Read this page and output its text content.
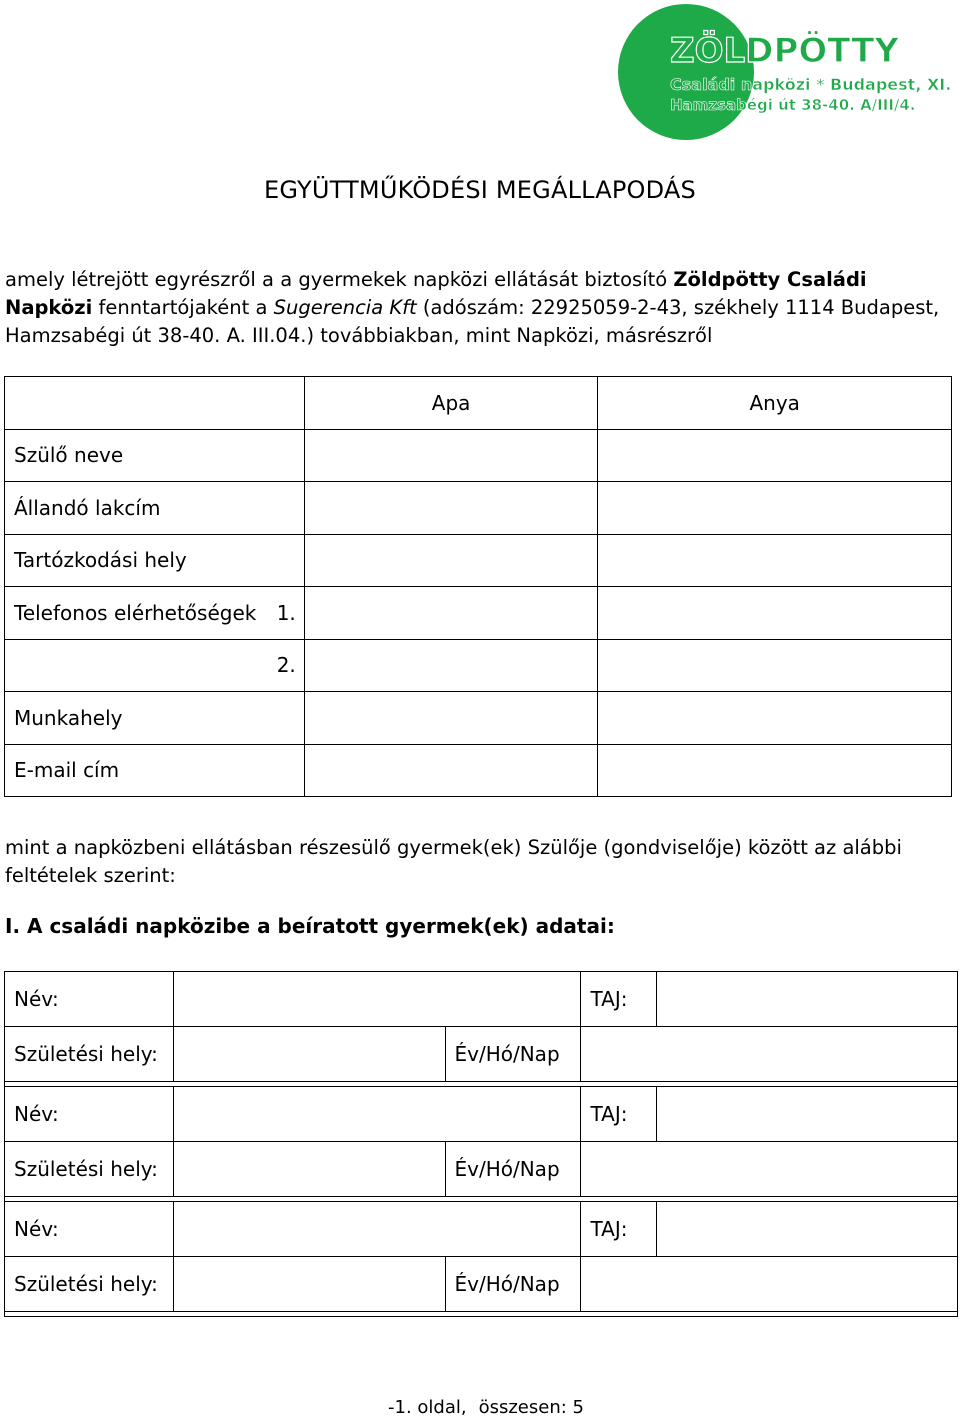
ZÖLDPÖTTY
Családi napközi * Budapest, XI.
Hamzsabégi út 38-40. A/III/4.
EGYÜTTMŰKÖDÉSI MEGÁLLAPODÁS
amely létrejött egyrészről a a gyermekek napközi ellátását biztosító Zöldpötty Családi Napközi fenntartójaként a Sugerencia Kft (adószám: 22925059-2-43, székhely 1114 Budapest, Hamzsabégi út 38-40. A. III.04.) továbbiakban, mint Napközi, másrészről
	Apa	Anya
Szülő neve		
Állandó lakcím		
Tartózkodási hely		
Telefonos elérhetőségek 1.		

2.		
Munkahely		
E-mail cím		
mint a napközbeni ellátásban részesülő gyermek(ek) Szülője (gondviselője) között az alábbi feltételek szerint:
I. A családi napközibe a beíratott gyermek(ek) adatai:
Név:			TAJ:	
Születési hely:		Év/Hó/Nap		

Név:			TAJ:	
Születési hely:		Év/Hó/Nap		

Név:			TAJ:	
Születési hely:		Év/Hó/Nap		

-1. oldal, összesen: 5
